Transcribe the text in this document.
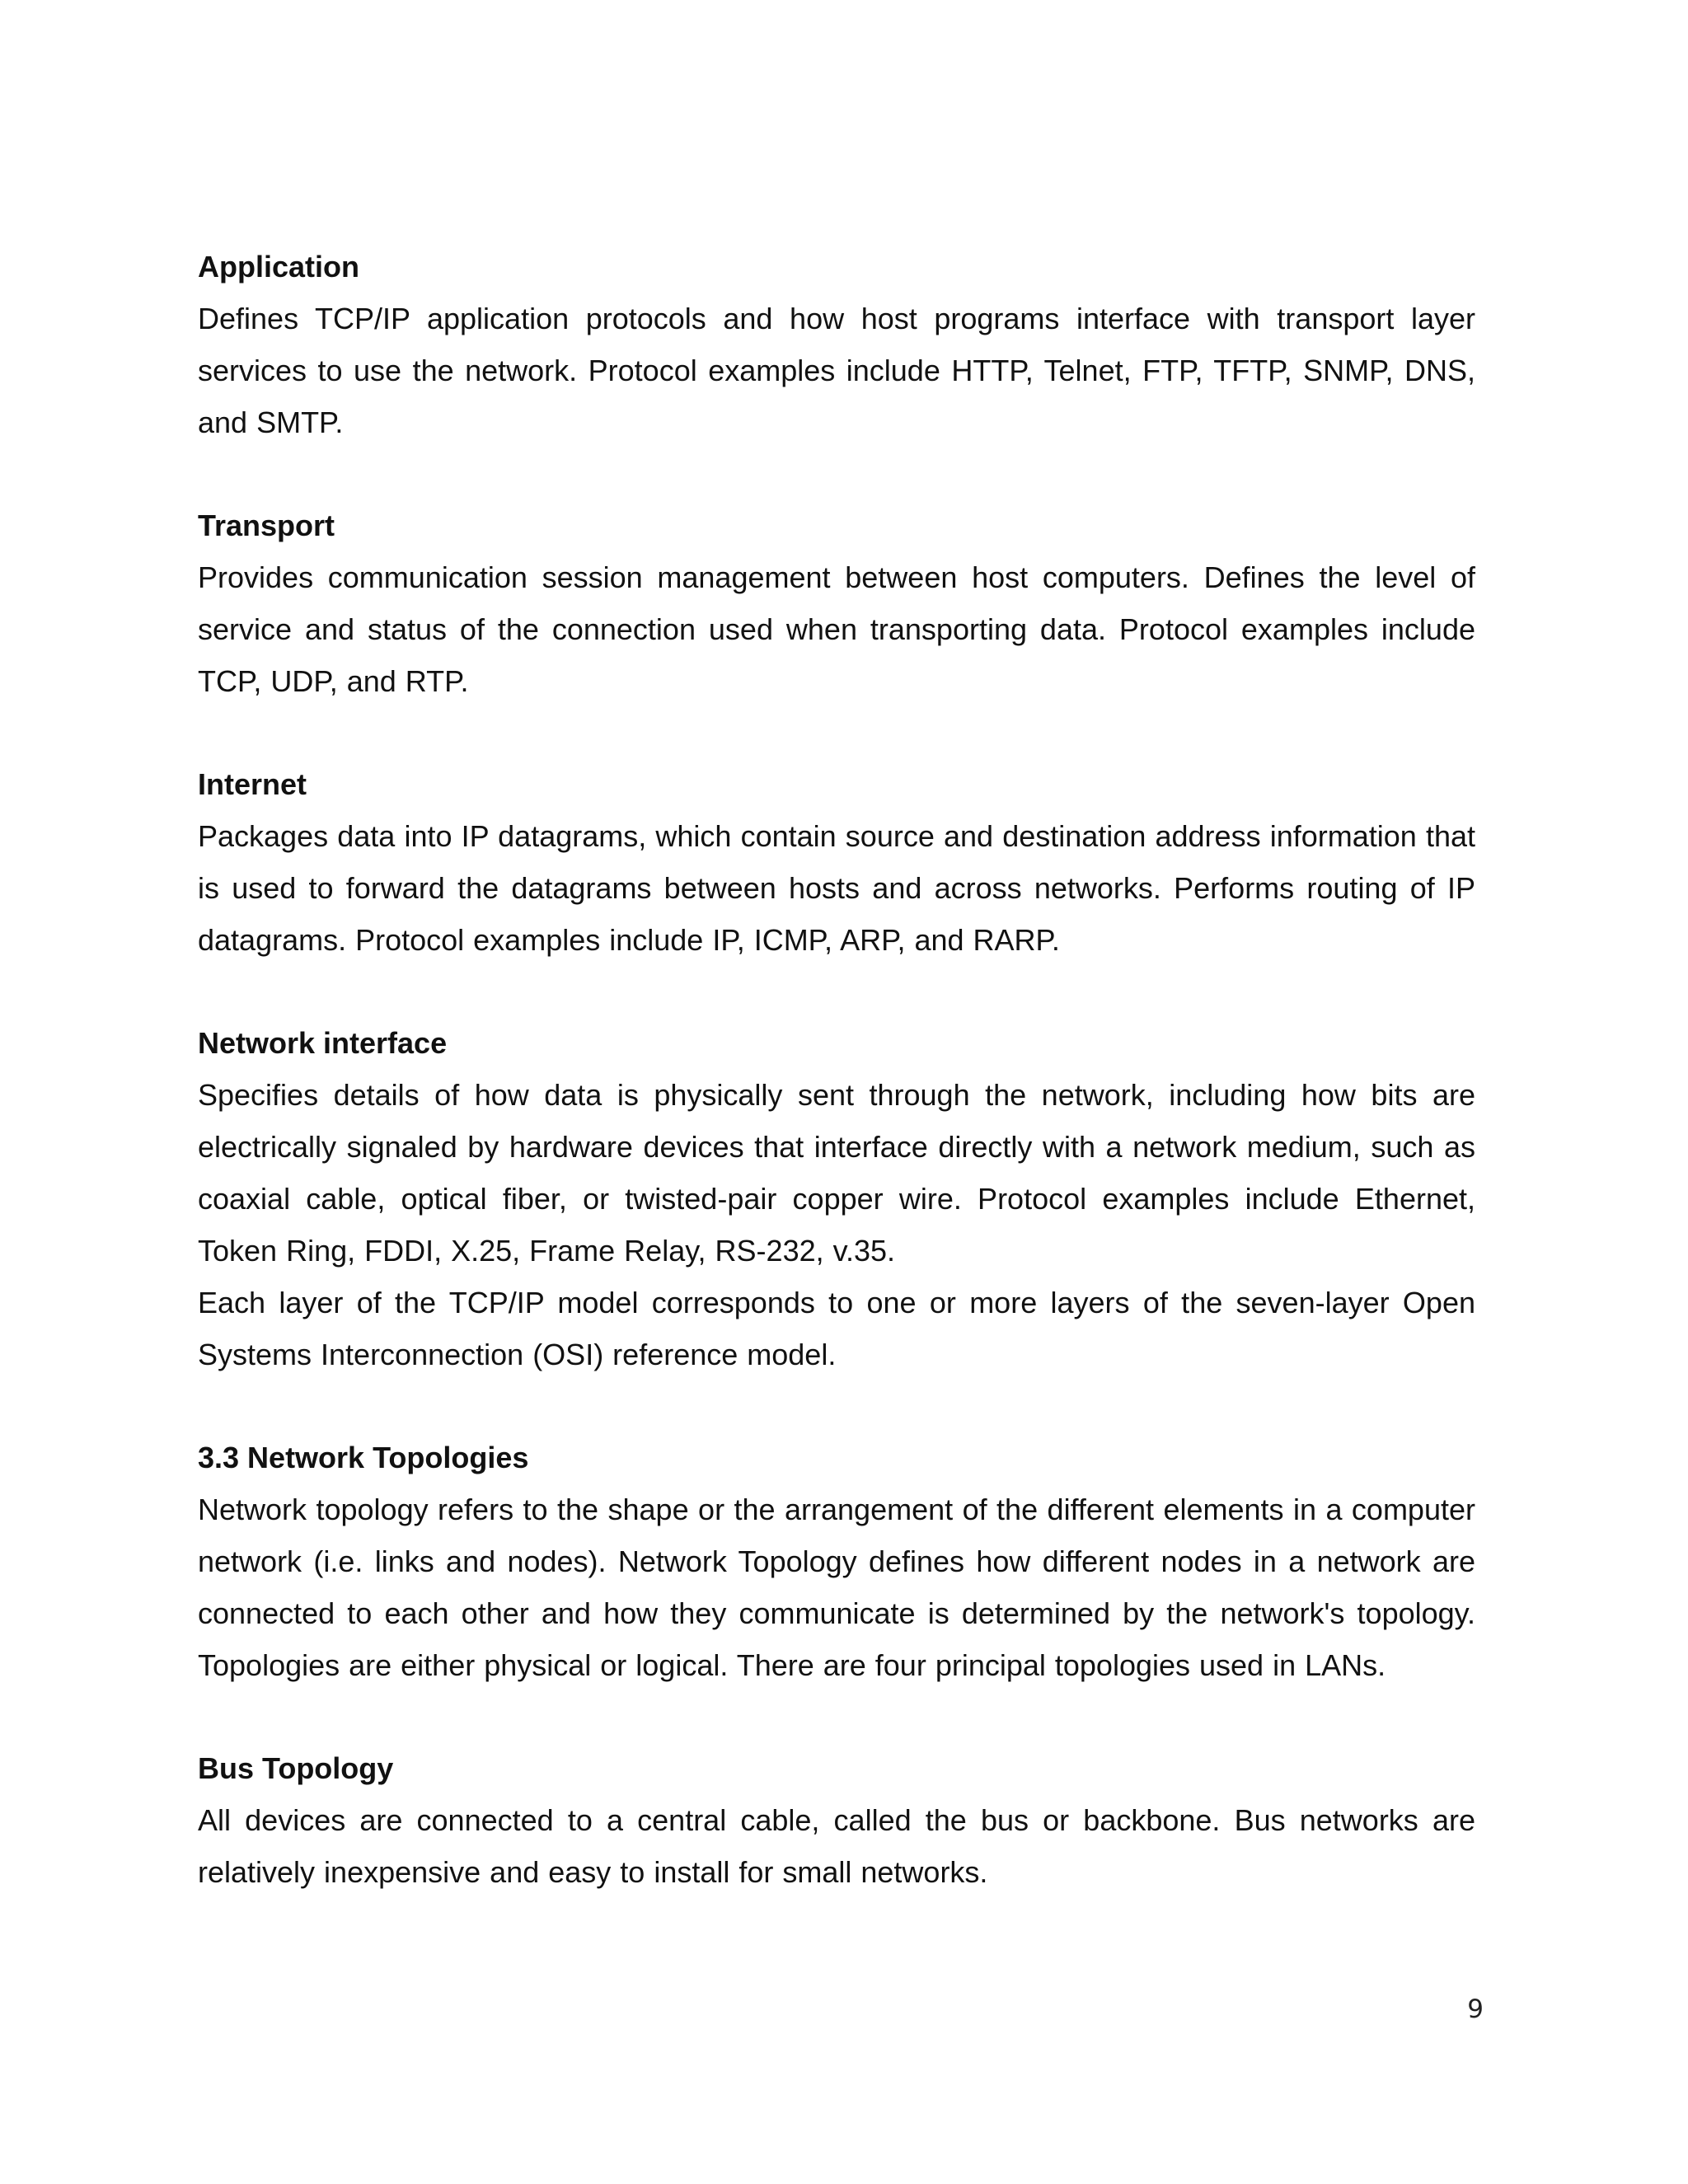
Application

Defines TCP/IP application protocols and how host programs interface with transport layer services to use the network. Protocol examples include HTTP, Telnet, FTP, TFTP, SNMP, DNS, and SMTP.

Transport

Provides communication session management between host computers. Defines the level of service and status of the connection used when transporting data. Protocol examples include TCP, UDP, and RTP.

Internet

Packages data into IP datagrams, which contain source and destination address information that is used to forward the datagrams between hosts and across networks. Performs routing of IP datagrams. Protocol examples include IP, ICMP, ARP, and RARP.

Network interface

Specifies details of how data is physically sent through the network, including how bits are electrically signaled by hardware devices that interface directly with a network medium, such as coaxial cable, optical fiber, or twisted-pair copper wire. Protocol examples include Ethernet, Token Ring, FDDI, X.25, Frame Relay, RS-232, v.35.

Each layer of the TCP/IP model corresponds to one or more layers of the seven-layer Open Systems Interconnection (OSI) reference model.

3.3 Network Topologies

Network topology refers to the shape or the arrangement of the different elements in a computer network (i.e. links and nodes). Network Topology defines how different nodes in a network are connected to each other and how they communicate is determined by the network's topology. Topologies are either physical or logical. There are four principal topologies used in LANs.

Bus Topology

All devices are connected to a central cable, called the bus or backbone. Bus networks are relatively inexpensive and easy to install for small networks.

9
